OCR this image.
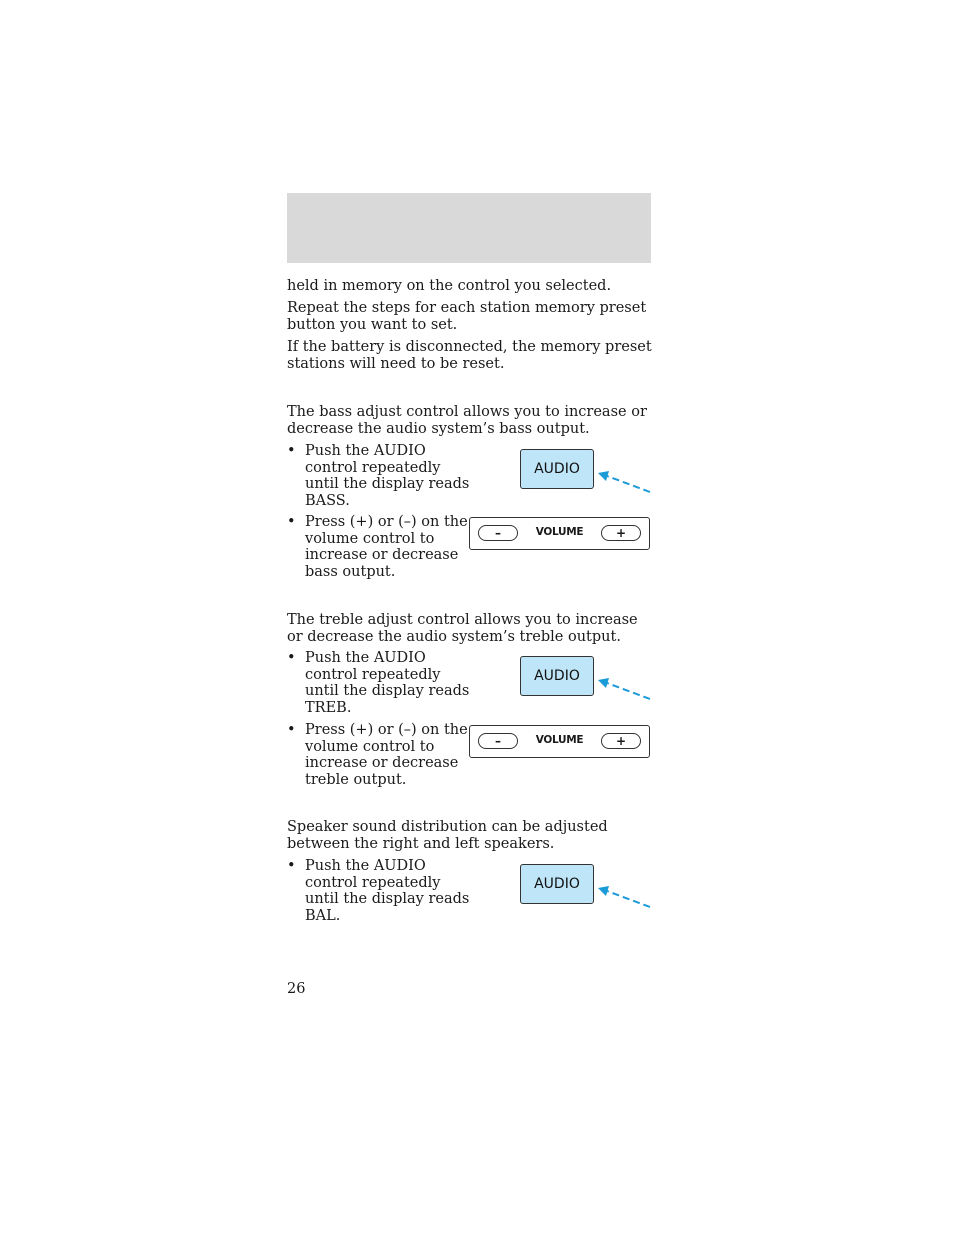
held in memory on the control you selected.

Repeat the steps for each station memory preset button you want to set.

If the battery is disconnected, the memory preset stations will need to be reset.

The bass adjust control allows you to increase or decrease the audio system’s bass output.

• Push the AUDIO control repeatedly until the display reads BASS.
AUDIO
• Press (+) or (–) on the volume control to increase or decrease bass output.
–	VOLUME	+

The treble adjust control allows you to increase or decrease the audio system’s treble output.

• Push the AUDIO control repeatedly until the display reads TREB.
AUDIO
• Press (+) or (–) on the volume control to increase or decrease treble output.
–	VOLUME	+

Speaker sound distribution can be adjusted between the right and left speakers.

• Push the AUDIO control repeatedly until the display reads BAL.
AUDIO
26
